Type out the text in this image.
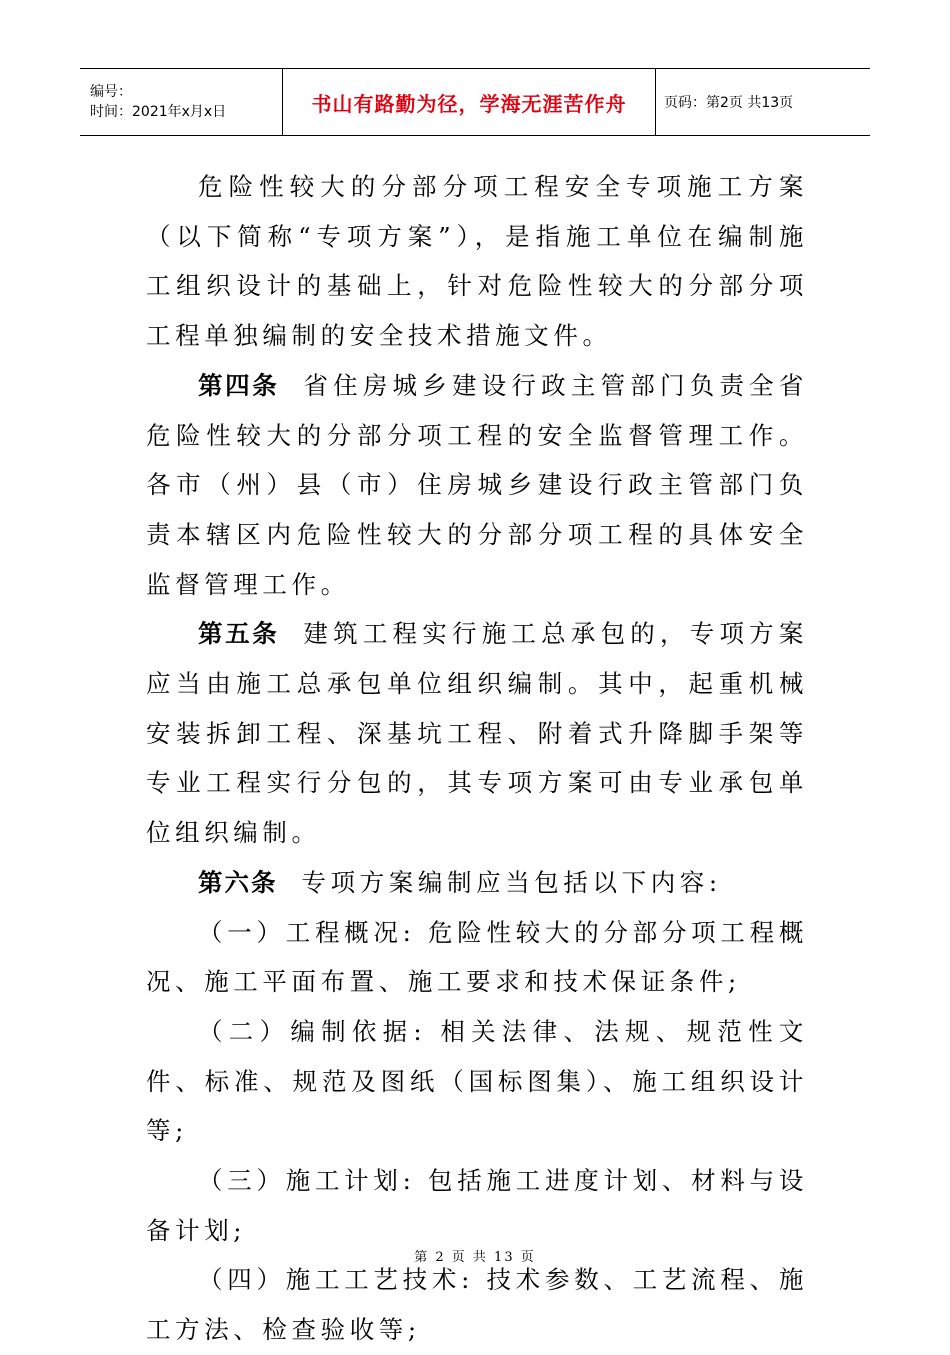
编号：
时间：2021年x月x日	书山有路勤为径，学海无涯苦作舟	页码：第2页 共13页

危险性较大的分部分项工程安全专项施工方案（以下简称“专项方案”），是指施工单位在编制施工组织设计的基础上，针对危险性较大的分部分项工程单独编制的安全技术措施文件。

第四条 省住房城乡建设行政主管部门负责全省危险性较大的分部分项工程的安全监督管理工作。各市（州）县（市）住房城乡建设行政主管部门负责本辖区内危险性较大的分部分项工程的具体安全监督管理工作。

第五条 建筑工程实行施工总承包的，专项方案应当由施工总承包单位组织编制。其中，起重机械安装拆卸工程、深基坑工程、附着式升降脚手架等专业工程实行分包的，其专项方案可由专业承包单位组织编制。

第六条 专项方案编制应当包括以下内容:

（一）工程概况: 危险性较大的分部分项工程概况、施工平面布置、施工要求和技术保证条件;

（二）编制依据: 相关法律、法规、规范性文件、标准、规范及图纸（国标图集）、施工组织设计等;

（三）施工计划: 包括施工进度计划、材料与设备计划;

（四）施工工艺技术: 技术参数、工艺流程、施工方法、检查验收等;

第 2 页 共 13 页
